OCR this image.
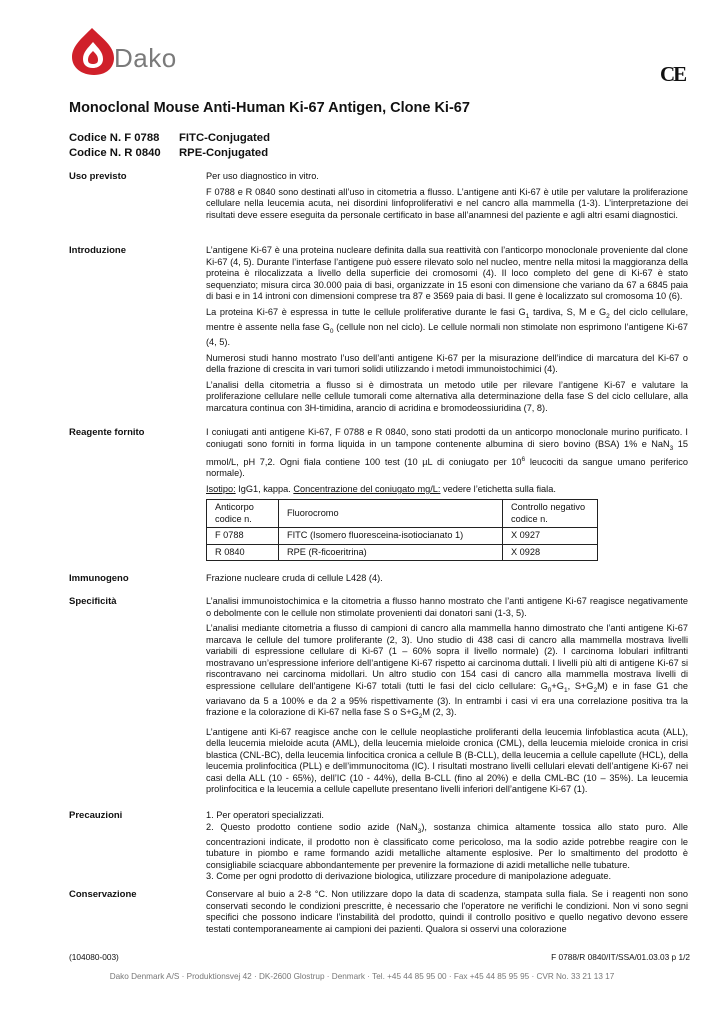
Dako
CE
Monoclonal Mouse Anti-Human Ki-67 Antigen, Clone Ki-67
Codice N. F 0788 FITC-Conjugated
Codice N. R 0840 RPE-Conjugated
Uso previsto	Per uso diagnostico in vitro.

F 0788 e R 0840 sono destinati all’uso in citometria a flusso. L’antigene anti Ki-67 è utile per valutare la proliferazione cellulare nella leucemia acuta, nei disordini linfoproliferativi e nel cancro alla mammella (1-3). L’interpretazione dei risultati deve essere eseguita da personale certificato in base all’anamnesi del paziente e agli altri esami diagnostici.

Introduzione	L’antigene Ki-67 è una proteina nucleare definita dalla sua reattività con l’anticorpo monoclonale proveniente dal clone Ki-67 (4, 5). Durante l’interfase l’antigene può essere rilevato solo nel nucleo, mentre nella mitosi la maggioranza della proteina è rilocalizzata a livello della superficie dei cromosomi (4). Il loco completo del gene di Ki-67 è stato sequenziato; misura circa 30.000 paia di basi, organizzate in 15 esoni con dimensione che variano da 67 a 6845 paia di basi e in 14 introni con dimensioni comprese tra 87 e 3569 paia di basi. Il gene è localizzato sul cromosoma 10 (6).

La proteina Ki-67 è espressa in tutte le cellule proliferative durante le fasi $G_1$ tardiva, S, M e $G_2$ del ciclo cellulare, mentre è assente nella fase $G_0$ (cellule non nel ciclo). Le cellule normali non stimolate non esprimono l’antigene Ki-67 (4, 5).

Numerosi studi hanno mostrato l’uso dell’anti antigene Ki-67 per la misurazione dell’indice di marcatura del Ki-67 o della frazione di crescita in vari tumori solidi utilizzando i metodi immunoistochimici (4).

L’analisi della citometria a flusso si è dimostrata un metodo utile per rilevare l’antigene Ki-67 e valutare la proliferazione cellulare nelle cellule tumorali come alternativa alla determinazione della fase S del ciclo cellulare, alla marcatura continua con 3H-timidina, arancio di acridina e bromodeossiuridina (7, 8).

Reagente fornito	I coniugati anti antigene Ki-67, F 0788 e R 0840, sono stati prodotti da un anticorpo monoclonale murino purificato. I coniugati sono forniti in forma liquida in un tampone contenente albumina di siero bovino (BSA) 1% e NaN$_3$ 15 mmol/L, pH 7,2. Ogni fiala contiene 100 test (10 µL di coniugato per $10^6$ leucociti da sangue umano periferico normale).

Isotipo: IgG1, kappa. Concentrazione del coniugato mg/L: vedere l’etichetta sulla fiala.

Anticorpo codice n.	Fluorocromo	Controllo negativo codice n.
F 0788	FITC (Isomero fluoresceina-isotiocianato 1)	X 0927
R 0840	RPE (R-ficoeritrina)	X 0928
Immunogeno	Frazione nucleare cruda di cellule L428 (4).

Specificità	L’analisi immunoistochimica e la citometria a flusso hanno mostrato che l’anti antigene Ki-67 reagisce negativamente o debolmente con le cellule non stimolate provenienti dai donatori sani (1-3, 5).

L’analisi mediante citometria a flusso di campioni di cancro alla mammella hanno dimostrato che l’anti antigene Ki-67 marcava le cellule del tumore proliferante (2, 3). Uno studio di 438 casi di cancro alla mammella mostrava livelli variabili di espressione cellulare di Ki-67 (1 – 60% sopra il livello normale) (2). I carcinoma lobulari infiltranti mostravano un’espressione inferiore dell’antigene Ki-67 rispetto ai carcinoma duttali. I livelli più alti di antigene Ki-67 si riscontravano nei carcinoma midollari. Un altro studio con 154 casi di cancro alla mammella mostrava livelli di espressione cellulare dell’antigene Ki-67 totali (tutti le fasi del ciclo cellulare: $G_0+G_1$, $S+G_2M$) e in fase G1 che variavano da 5 a 100% e da 2 a 95% rispettivamente (3). In entrambi i casi vi era una correlazione positiva tra la frazione e la colorazione di Ki-67 nella fase S o $S+G_2M$ (2, 3).

L’antigene anti Ki-67 reagisce anche con le cellule neoplastiche proliferanti della leucemia linfoblastica acuta (ALL), della leucemia mieloide acuta (AML), della leucemia mieloide cronica (CML), della leucemia mieloide cronica in crisi blastica (CNL-BC), della leucemia linfocitica cronica a cellule B (B-CLL), della leucemia a cellule capellute (HCL), della leucemia prolinfocitica (PLL) e dell’immunocitoma (IC). I risultati mostrano livelli cellulari elevati dell’antigene Ki-67 nei casi della ALL (10 - 65%), dell’IC (10 - 44%), della B-CLL (fino al 20%) e della CML-BC (10 – 35%). La leucemia prolinfocitica e la leucemia a cellule capellute presentano livelli inferiori dell’antigene Ki-67 (1).

Precauzioni	1. Per operatori specializzati.

2. Questo prodotto contiene sodio azide (NaN$_3$), sostanza chimica altamente tossica allo stato puro. Alle concentrazioni indicate, il prodotto non è classificato come pericoloso, ma la sodio azide potrebbe reagire con le tubature in piombo e rame formando azidi metalliche altamente esplosive. Per lo smaltimento del prodotto è consigliabile sciacquare abbondantemente per prevenire la formazione di azidi metalliche nelle tubature.

3. Come per ogni prodotto di derivazione biologica, utilizzare procedure di manipolazione adeguate.

Conservazione	Conservare al buio a 2-8 °C. Non utilizzare dopo la data di scadenza, stampata sulla fiala. Se i reagenti non sono conservati secondo le condizioni prescritte, è necessario che l'operatore ne verifichi le condizioni. Non vi sono segni specifici che possono indicare l’instabilità del prodotto, quindi il controllo positivo e quello negativo devono essere testati contemporaneamente ai campioni dei pazienti. Qualora si osservi una colorazione

(104080-003)	F 0788/R 0840/IT/SSA/01.03.03 p 1/2
Dako Denmark A/S · Produktionsvej 42 · DK-2600 Glostrup · Denmark · Tel. +45 44 85 95 00 · Fax +45 44 85 95 95 · CVR No. 33 21 13 17
